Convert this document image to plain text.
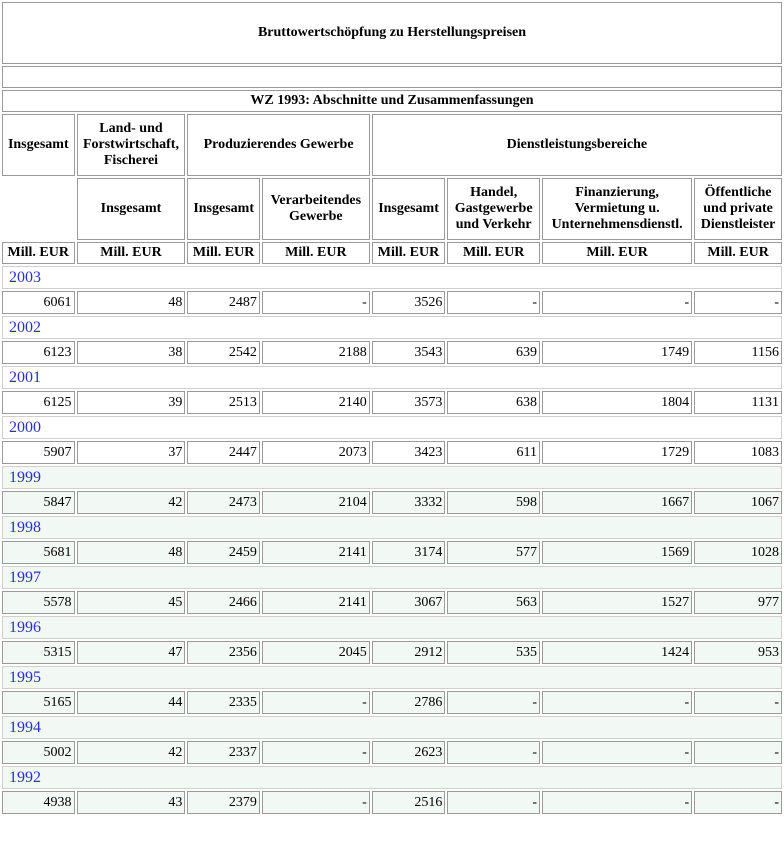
Bruttowertschöpfung zu Herstellungspreisen							

WZ 1993: Abschnitte und Zusammenfassungen							
Insgesamt	Land- und Forstwirtschaft, Fischerei	Produzierendes Gewerbe		Dienstleistungsbereiche			
	Insgesamt	Insgesamt	Verarbeitendes Gewerbe	Insgesamt	Handel, Gastgewerbe und Verkehr	Finanzierung, Vermietung u. Unternehmensdienstl.	Öffentliche und private Dienstleister
Mill. EUR	Mill. EUR	Mill. EUR	Mill. EUR	Mill. EUR	Mill. EUR	Mill. EUR	Mill. EUR
2003							
6061	48	2487	-	3526	-	-	-
2002							
6123	38	2542	2188	3543	639	1749	1156
2001							
6125	39	2513	2140	3573	638	1804	1131
2000							
5907	37	2447	2073	3423	611	1729	1083
1999							
5847	42	2473	2104	3332	598	1667	1067
1998							
5681	48	2459	2141	3174	577	1569	1028
1997							
5578	45	2466	2141	3067	563	1527	977
1996							
5315	47	2356	2045	2912	535	1424	953
1995							
5165	44	2335	-	2786	-	-	-
1994							
5002	42	2337	-	2623	-	-	-
1992							
4938	43	2379	-	2516	-	-	-
